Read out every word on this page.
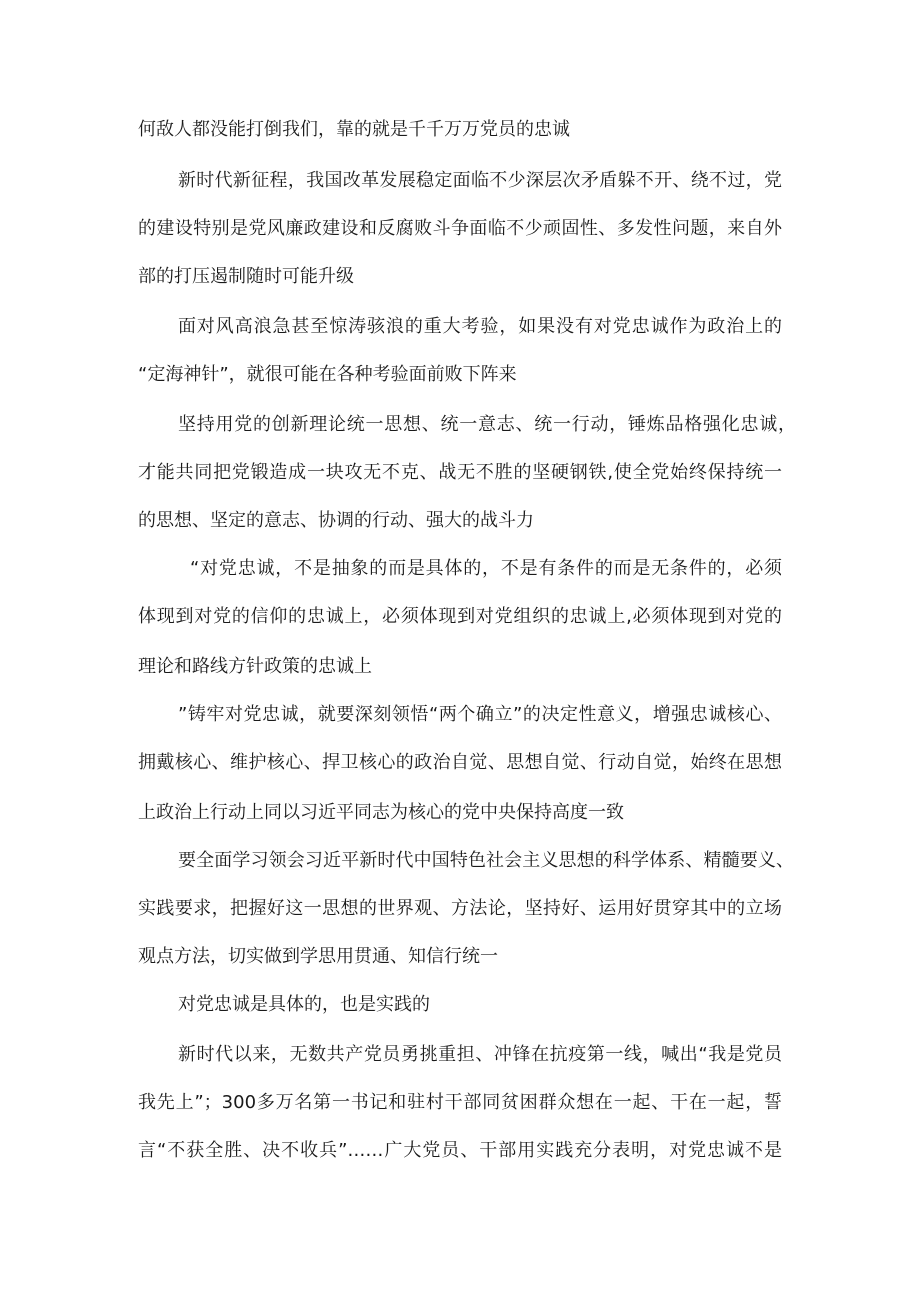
何敌人都没能打倒我们，靠的就是千千万万党员的忠诚
新时代新征程，我国改革发展稳定面临不少深层次矛盾躲不开、绕不过，党
的建设特别是党风廉政建设和反腐败斗争面临不少顽固性、多发性问题，来自外
部的打压遏制随时可能升级
面对风高浪急甚至惊涛骇浪的重大考验，如果没有对党忠诚作为政治上的
“定海神针”，就很可能在各种考验面前败下阵来
坚持用党的创新理论统一思想、统一意志、统一行动，锤炼品格强化忠诚，
才能共同把党锻造成一块攻无不克、战无不胜的坚硬钢铁,使全党始终保持统一
的思想、坚定的意志、协调的行动、强大的战斗力
“对党忠诚，不是抽象的而是具体的，不是有条件的而是无条件的，必须
体现到对党的信仰的忠诚上，必须体现到对党组织的忠诚上,必须体现到对党的
理论和路线方针政策的忠诚上
”铸牢对党忠诚，就要深刻领悟“两个确立”的决定性意义，增强忠诚核心、
拥戴核心、维护核心、捍卫核心的政治自觉、思想自觉、行动自觉，始终在思想
上政治上行动上同以习近平同志为核心的党中央保持高度一致
要全面学习领会习近平新时代中国特色社会主义思想的科学体系、精髓要义、
实践要求，把握好这一思想的世界观、方法论，坚持好、运用好贯穿其中的立场
观点方法，切实做到学思用贯通、知信行统一
对党忠诚是具体的，也是实践的
新时代以来，无数共产党员勇挑重担、冲锋在抗疫第一线，喊出“我是党员
我先上”；300多万名第一书记和驻村干部同贫困群众想在一起、干在一起，誓
言“不获全胜、决不收兵”……广大党员、干部用实践充分表明，对党忠诚不是
